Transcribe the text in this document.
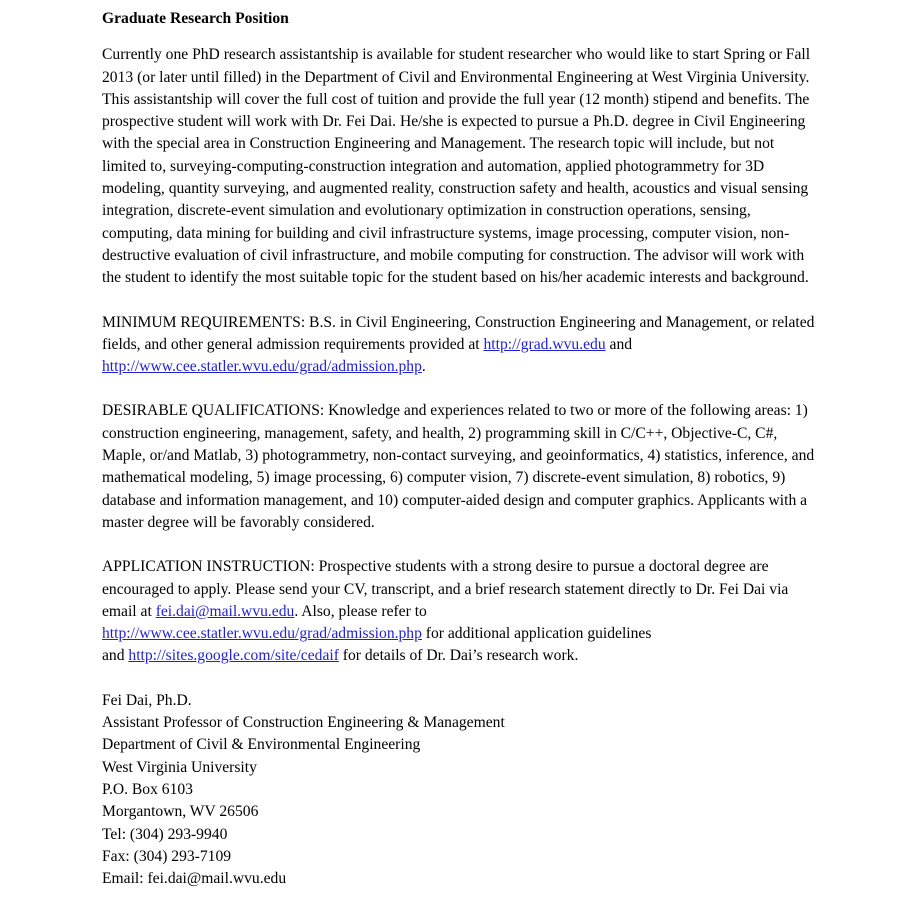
Graduate Research Position

Currently one PhD research assistantship is available for student researcher who would like to start Spring or Fall 2013 (or later until filled) in the Department of Civil and Environmental Engineering at West Virginia University. This assistantship will cover the full cost of tuition and provide the full year (12 month) stipend and benefits. The prospective student will work with Dr. Fei Dai. He/she is expected to pursue a Ph.D. degree in Civil Engineering with the special area in Construction Engineering and Management. The research topic will include, but not limited to, surveying-computing-construction integration and automation, applied photogrammetry for 3D modeling, quantity surveying, and augmented reality, construction safety and health, acoustics and visual sensing integration, discrete-event simulation and evolutionary optimization in construction operations, sensing, computing, data mining for building and civil infrastructure systems, image processing, computer vision, non-destructive evaluation of civil infrastructure, and mobile computing for construction. The advisor will work with the student to identify the most suitable topic for the student based on his/her academic interests and background.

MINIMUM REQUIREMENTS: B.S. in Civil Engineering, Construction Engineering and Management, or related fields, and other general admission requirements provided at http://grad.wvu.edu and
http://www.cee.statler.wvu.edu/grad/admission.php.

DESIRABLE QUALIFICATIONS: Knowledge and experiences related to two or more of the following areas: 1) construction engineering, management, safety, and health, 2) programming skill in C/C++, Objective-C, C#, Maple, or/and Matlab, 3) photogrammetry, non-contact surveying, and geoinformatics, 4) statistics, inference, and mathematical modeling, 5) image processing, 6) computer vision, 7) discrete-event simulation, 8) robotics, 9) database and information management, and 10) computer-aided design and computer graphics. Applicants with a master degree will be favorably considered.

APPLICATION INSTRUCTION: Prospective students with a strong desire to pursue a doctoral degree are encouraged to apply. Please send your CV, transcript, and a brief research statement directly to Dr. Fei Dai via email at fei.dai@mail.wvu.edu. Also, please refer to
http://www.cee.statler.wvu.edu/grad/admission.php for additional application guidelines
and http://sites.google.com/site/cedaif for details of Dr. Dai’s research work.

Fei Dai, Ph.D.
Assistant Professor of Construction Engineering & Management
Department of Civil & Environmental Engineering
West Virginia University
P.O. Box 6103
Morgantown, WV 26506
Tel: (304) 293-9940
Fax: (304) 293-7109
Email: fei.dai@mail.wvu.edu
